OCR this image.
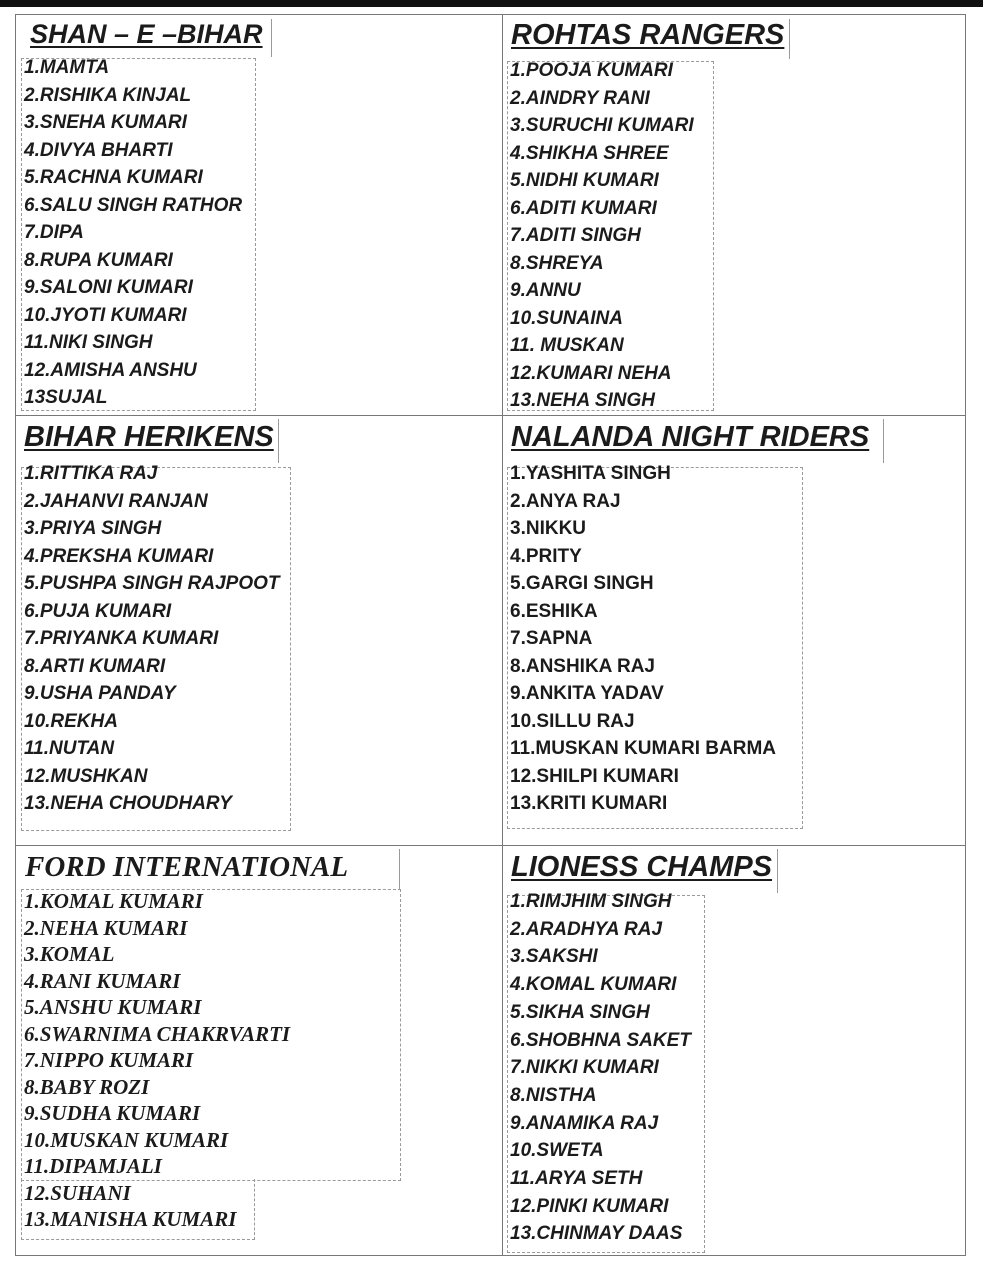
SHAN – E –BIHAR
1.MAMTA
2.RISHIKA KINJAL
3.SNEHA KUMARI
4.DIVYA BHARTI
5.RACHNA KUMARI
6.SALU SINGH RATHOR
7.DIPA
8.RUPA KUMARI
9.SALONI KUMARI
10.JYOTI KUMARI
11.NIKI SINGH
12.AMISHA ANSHU
13SUJAL
ROHTAS RANGERS
1.POOJA KUMARI
2.AINDRY RANI
3.SURUCHI KUMARI
4.SHIKHA SHREE
5.NIDHI KUMARI
6.ADITI KUMARI
7.ADITI SINGH
8.SHREYA
9.ANNU
10.SUNAINA
11. MUSKAN
12.KUMARI NEHA
13.NEHA SINGH
BIHAR HERIKENS
1.RITTIKA RAJ
2.JAHANVI RANJAN
3.PRIYA SINGH
4.PREKSHA KUMARI
5.PUSHPA SINGH RAJPOOT
6.PUJA KUMARI
7.PRIYANKA KUMARI
8.ARTI KUMARI
9.USHA PANDAY
10.REKHA
11.NUTAN
12.MUSHKAN
13.NEHA CHOUDHARY
NALANDA NIGHT RIDERS
1.YASHITA SINGH
2.ANYA RAJ
3.NIKKU
4.PRITY
5.GARGI SINGH
6.ESHIKA
7.SAPNA
8.ANSHIKA RAJ
9.ANKITA YADAV
10.SILLU RAJ
11.MUSKAN KUMARI BARMA
12.SHILPI KUMARI
13.KRITI KUMARI
FORD INTERNATIONAL
1.KOMAL KUMARI
2.NEHA KUMARI
3.KOMAL
4.RANI KUMARI
5.ANSHU KUMARI
6.SWARNIMA CHAKRVARTI
7.NIPPO KUMARI
8.BABY ROZI
9.SUDHA KUMARI
10.MUSKAN KUMARI
11.DIPAMJALI
12.SUHANI
13.MANISHA KUMARI
LIONESS CHAMPS
1.RIMJHIM SINGH
2.ARADHYA RAJ
3.SAKSHI
4.KOMAL KUMARI
5.SIKHA SINGH
6.SHOBHNA SAKET
7.NIKKI KUMARI
8.NISTHA
9.ANAMIKA RAJ
10.SWETA
11.ARYA SETH
12.PINKI KUMARI
13.CHINMAY DAAS
